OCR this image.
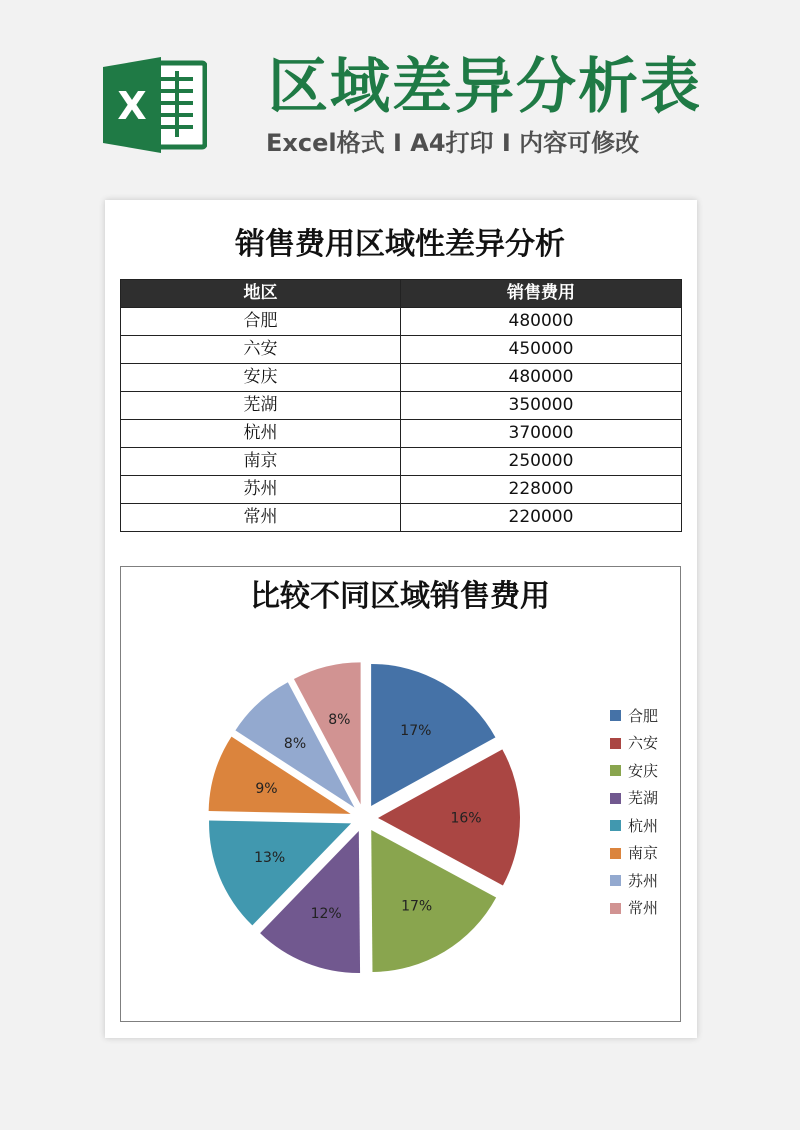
X 区域差异分析表
Excel格式 I A4打印 I 内容可修改
销售费用区域性差异分析
地区	销售费用
合肥	480000
六安	450000
安庆	480000
芜湖	350000
杭州	370000
南京	250000
苏州	228000
常州	220000
比较不同区域销售费用
17%
16%
17%
12%
13%
9%
8%
8%	合肥
六安
安庆
芜湖
杭州
南京
苏州
常州
